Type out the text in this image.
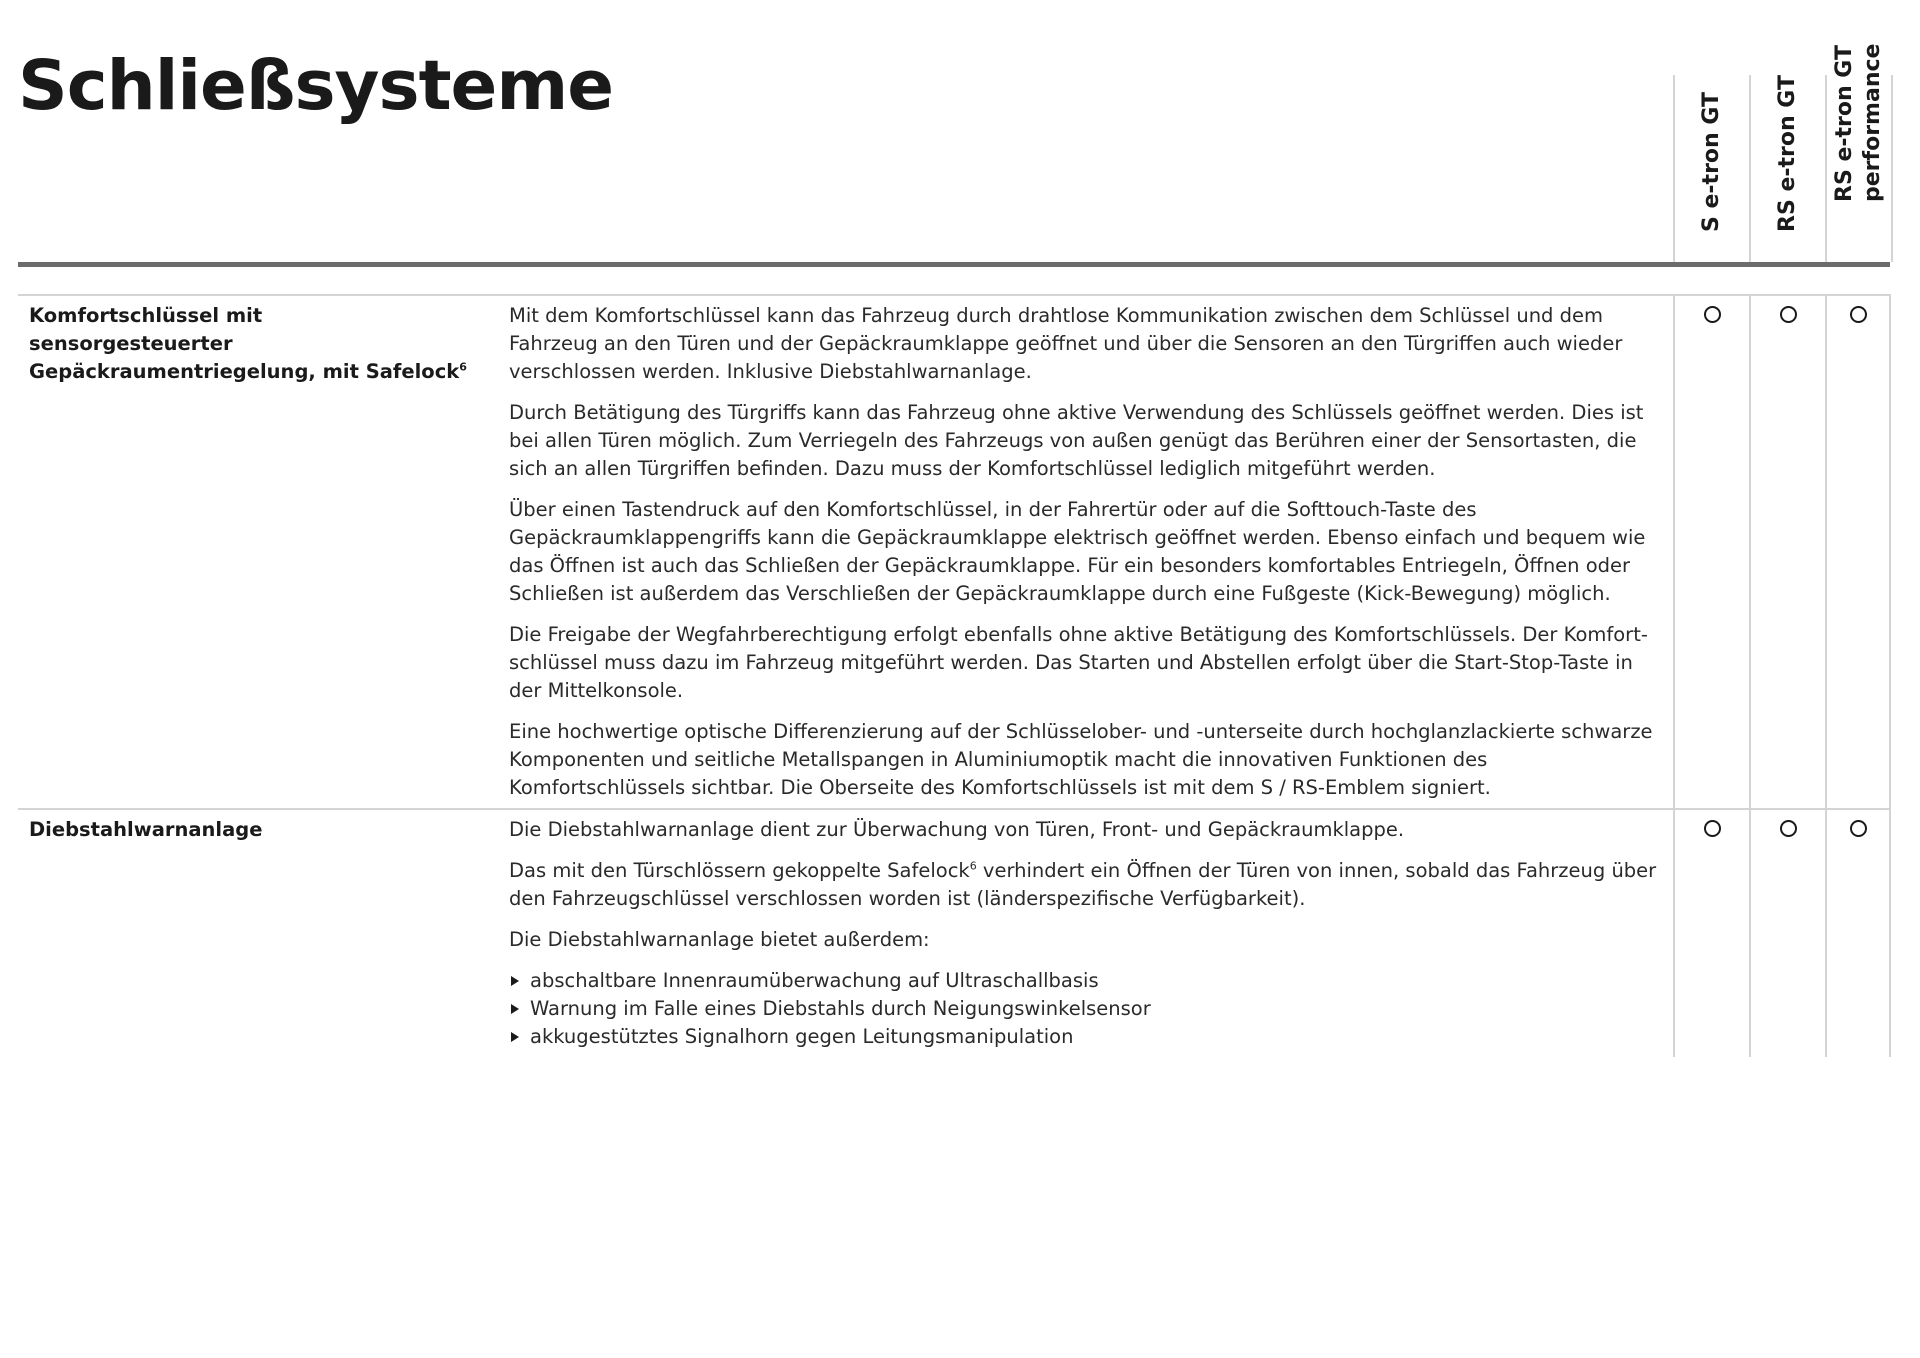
Schließsysteme
S e-tron GT RS e-tron GT RS e-tron GT performance
Komfortschlüssel mit sensorgesteuerter Gepäckraumentriegelung, mit Safelock$^6$

Mit dem Komfortschlüssel kann das Fahrzeug durch drahtlose Kommunikation zwischen dem Schlüssel und dem Fahrzeug an den Türen und der Gepäckraumklappe geöffnet und über die Sensoren an den Türgriffen auch wieder verschlossen werden. Inklusive Diebstahlwarnanlage.

Durch Betätigung des Türgriffs kann das Fahrzeug ohne aktive Verwendung des Schlüssels geöffnet werden. Dies ist bei allen Türen möglich. Zum Verriegeln des Fahrzeugs von außen genügt das Berühren einer der Sensortasten, die sich an allen Türgriffen befinden. Dazu muss der Komfortschlüssel lediglich mitgeführt werden.

Über einen Tastendruck auf den Komfortschlüssel, in der Fahrertür oder auf die Softtouch-Taste des Gepäckraumklappengriffs kann die Gepäckraumklappe elektrisch geöffnet werden. Ebenso einfach und bequem wie das Öffnen ist auch das Schließen der Gepäckraumklappe. Für ein besonders komfortables Entriegeln, Öffnen oder Schließen ist außerdem das Verschließen der Gepäckraumklappe durch eine Fußgeste (Kick-Bewegung) möglich.

Die Freigabe der Wegfahrberechtigung erfolgt ebenfalls ohne aktive Betätigung des Komfortschlüssels. Der Komfortschlüssel muss dazu im Fahrzeug mitgeführt werden. Das Starten und Abstellen erfolgt über die Start-Stop-Taste in der Mittelkonsole.

Eine hochwertige optische Differenzierung auf der Schlüsselober- und -unterseite durch hochglanzlackierte schwarze Komponenten und seitliche Metallspangen in Aluminiumoptik macht die innovativen Funktionen des Komfortschlüssels sichtbar. Die Oberseite des Komfortschlüssels ist mit dem S / RS-Emblem signiert.

Diebstahlwarnanlage	Die Diebstahlwarnanlage dient zur Überwachung von Türen, Front- und Gepäckraumklappe.

Das mit den Türschlössern gekoppelte Safelock$^6$ verhindert ein Öffnen der Türen von innen, sobald das Fahrzeug über den Fahrzeugschlüssel verschlossen worden ist (länderspezifische Verfügbarkeit).

Die Diebstahlwarnanlage bietet außerdem:

abschaltbare Innenraumüberwachung auf Ultraschallbasis
Warnung im Falle eines Diebstahls durch Neigungswinkelsensor
akkugestütztes Signalhorn gegen Leitungsmanipulation
